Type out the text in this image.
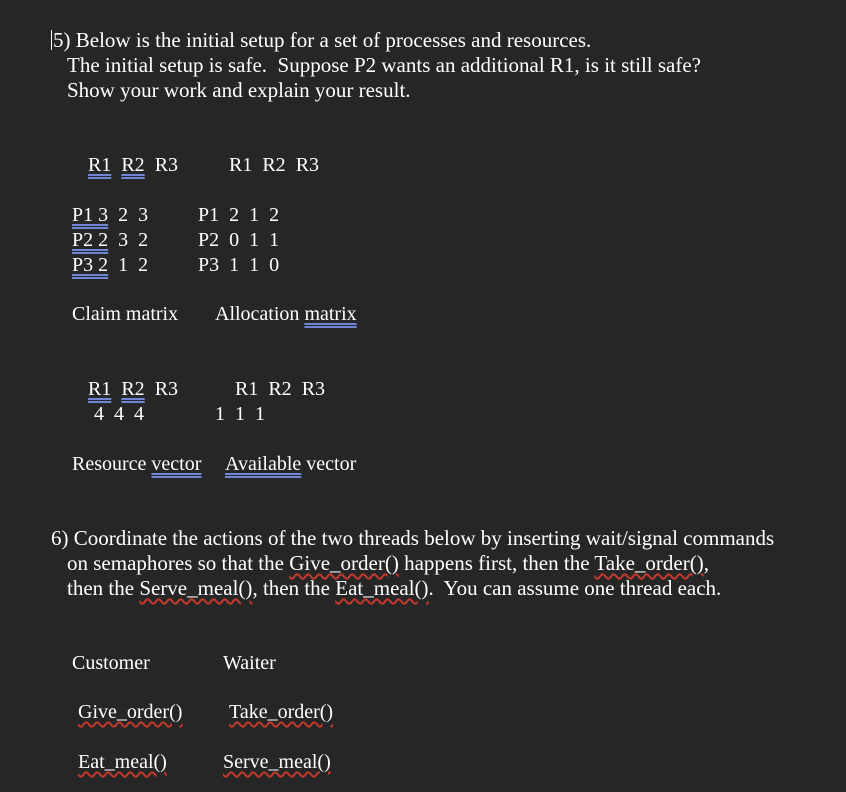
5) Below is the initial setup for a set of processes and resources.
The initial setup is safe.  Suppose P2 wants an additional R1, is it still safe?
Show your work and explain your result.
R1 R2 R3
P1 3 2 3
P2 2 3 2
P3 2 1 2
Claim matrix
R1 R2 R3
P1 2 1 2
P2 0 1 1
P3 1 1 0
Allocation matrix
R1 R2 R3
4 4 4
Resource vector
R1 R2 R3
1 1 1
Available vector
6) Coordinate the actions of the two threads below by inserting wait/signal commands
on semaphores so that the Give_order() happens first, then the Take_order(),
then the Serve_meal(), then the Eat_meal().  You can assume one thread each.
Customer
Give_order()
Eat_meal()
Waiter
Take_order()
Serve_meal()
